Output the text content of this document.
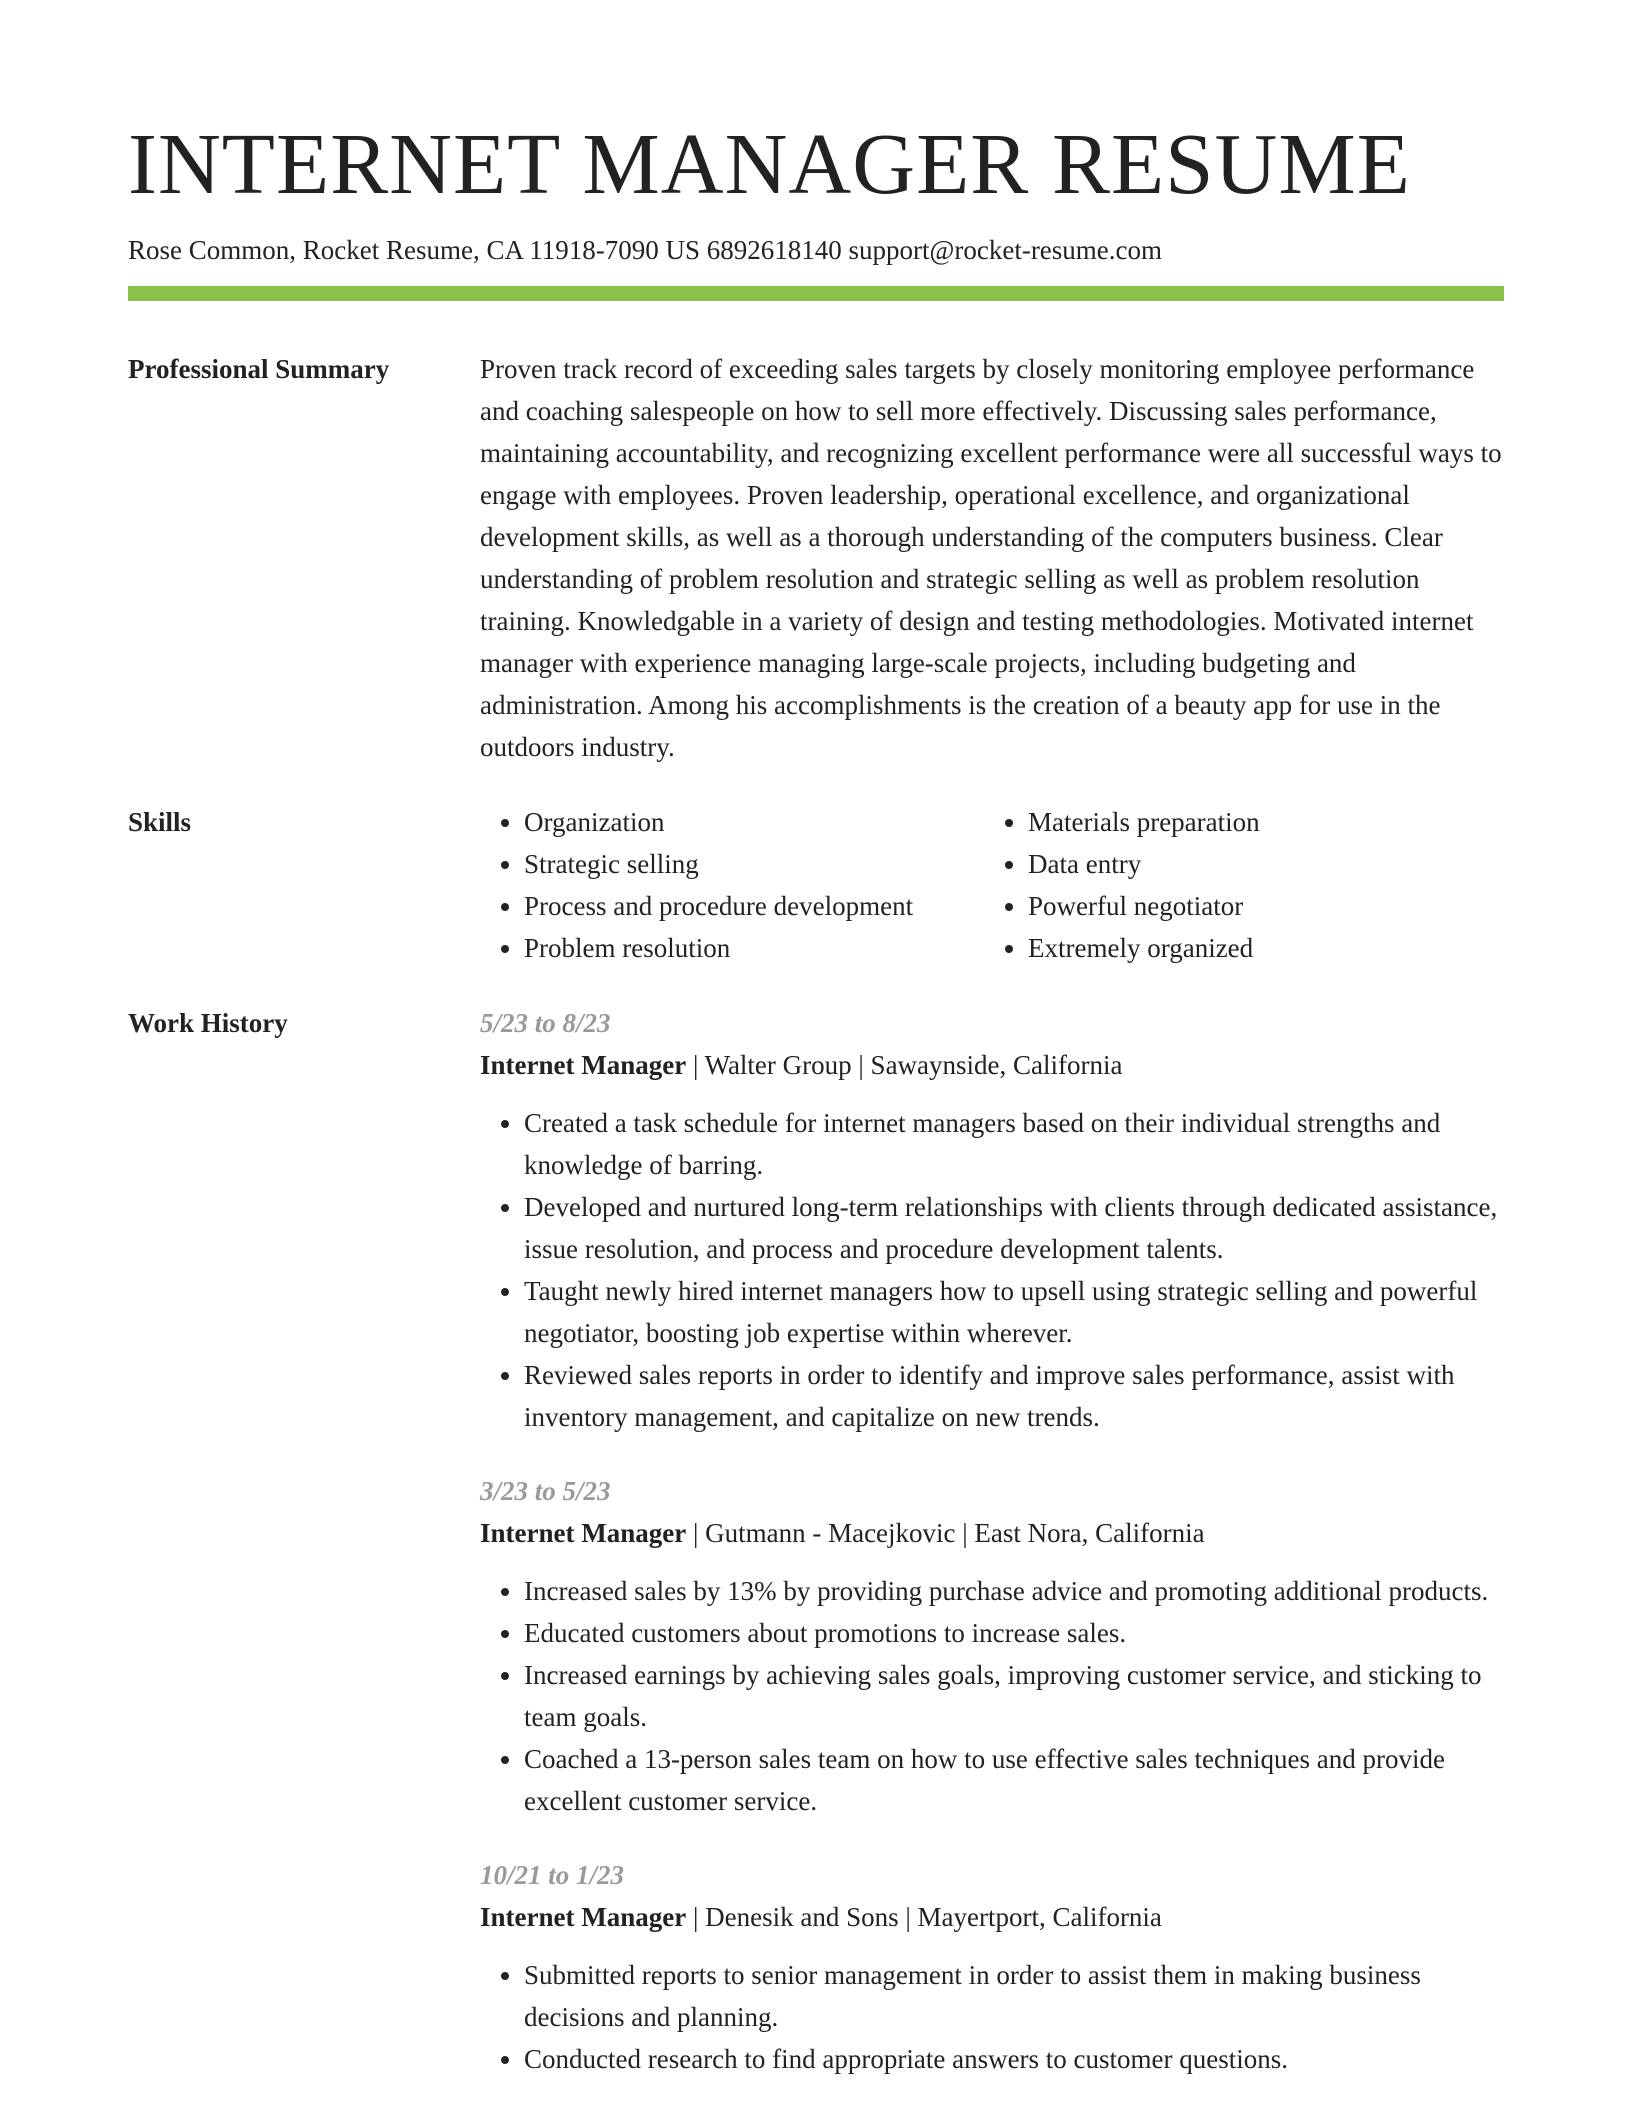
INTERNET MANAGER RESUME
Rose Common, Rocket Resume, CA 11918-7090 US 6892618140 support@rocket-resume.com
Professional Summary	Proven track record of exceeding sales targets by closely monitoring employee performance and coaching salespeople on how to sell more effectively. Discussing sales performance, maintaining accountability, and recognizing excellent performance were all successful ways to engage with employees. Proven leadership, operational excellence, and organizational development skills, as well as a thorough understanding of the computers business. Clear understanding of problem resolution and strategic selling as well as problem resolution training. Knowledgable in a variety of design and testing methodologies. Motivated internet manager with experience managing large-scale projects, including budgeting and administration. Among his accomplishments is the creation of a beauty app for use in the outdoors industry.

Skills
•	Organization
• Strategic selling
• Process and procedure development
• Problem resolution
• Materials preparation
• Data entry
• Powerful negotiator
• Extremely organized
Work History	5/23 to 8/23
Internet Manager | Walter Group | Sawaynside, California
• Created a task schedule for internet managers based on their individual strengths and knowledge of barring.
• Developed and nurtured long-term relationships with clients through dedicated assistance, issue resolution, and process and procedure development talents.
• Taught newly hired internet managers how to upsell using strategic selling and powerful negotiator, boosting job expertise within wherever.
• Reviewed sales reports in order to identify and improve sales performance, assist with inventory management, and capitalize on new trends.
3/23 to 5/23
Internet Manager | Gutmann - Macejkovic | East Nora, California
• Increased sales by 13% by providing purchase advice and promoting additional products.
• Educated customers about promotions to increase sales.
• Increased earnings by achieving sales goals, improving customer service, and sticking to team goals.
• Coached a 13-person sales team on how to use effective sales techniques and provide excellent customer service.
10/21 to 1/23
Internet Manager | Denesik and Sons | Mayertport, California
• Submitted reports to senior management in order to assist them in making business decisions and planning.
• Conducted research to find appropriate answers to customer questions.
